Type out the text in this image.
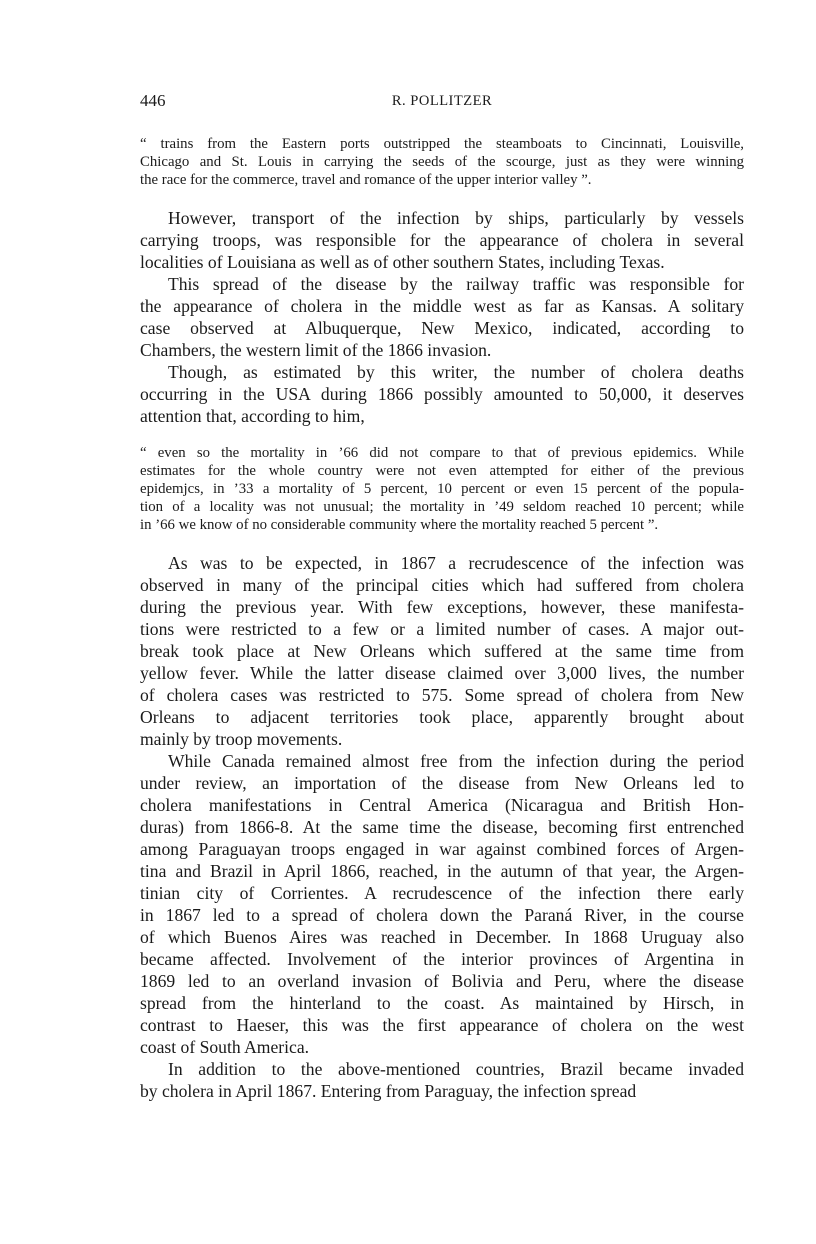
446	R. POLLITZER
“ trains from the Eastern ports outstripped the steamboats to Cincinnati, Louisville,
Chicago and St. Louis in carrying the seeds of the scourge, just as they were winning
the race for the commerce, travel and romance of the upper interior valley ”.
However, transport of the infection by ships, particularly by vessels
carrying troops, was responsible for the appearance of cholera in several
localities of Louisiana as well as of other southern States, including Texas.
This spread of the disease by the railway traffic was responsible for
the appearance of cholera in the middle west as far as Kansas. A solitary
case observed at Albuquerque, New Mexico, indicated, according to
Chambers, the western limit of the 1866 invasion.
Though, as estimated by this writer, the number of cholera deaths
occurring in the USA during 1866 possibly amounted to 50,000, it deserves
attention that, according to him,
“ even so the mortality in ’66 did not compare to that of previous epidemics. While
estimates for the whole country were not even attempted for either of the previous
epidemjcs, in ’33 a mortality of 5 percent, 10 percent or even 15 percent of the popula-
tion of a locality was not unusual; the mortality in ’49 seldom reached 10 percent; while
in ’66 we know of no considerable community where the mortality reached 5 percent ”.
As was to be expected, in 1867 a recrudescence of the infection was
observed in many of the principal cities which had suffered from cholera
during the previous year. With few exceptions, however, these manifesta-
tions were restricted to a few or a limited number of cases. A major out-
break took place at New Orleans which suffered at the same time from
yellow fever. While the latter disease claimed over 3,000 lives, the number
of cholera cases was restricted to 575. Some spread of cholera from New
Orleans to adjacent territories took place, apparently brought about
mainly by troop movements.
While Canada remained almost free from the infection during the period
under review, an importation of the disease from New Orleans led to
cholera manifestations in Central America (Nicaragua and British Hon-
duras) from 1866-8. At the same time the disease, becoming first entrenched
among Paraguayan troops engaged in war against combined forces of Argen-
tina and Brazil in April 1866, reached, in the autumn of that year, the Argen-
tinian city of Corrientes. A recrudescence of the infection there early
in 1867 led to a spread of cholera down the Paraná River, in the course
of which Buenos Aires was reached in December. In 1868 Uruguay also
became affected. Involvement of the interior provinces of Argentina in
1869 led to an overland invasion of Bolivia and Peru, where the disease
spread from the hinterland to the coast. As maintained by Hirsch, in
contrast to Haeser, this was the first appearance of cholera on the west
coast of South America.
In addition to the above-mentioned countries, Brazil became invaded
by cholera in April 1867. Entering from Paraguay, the infection spread
